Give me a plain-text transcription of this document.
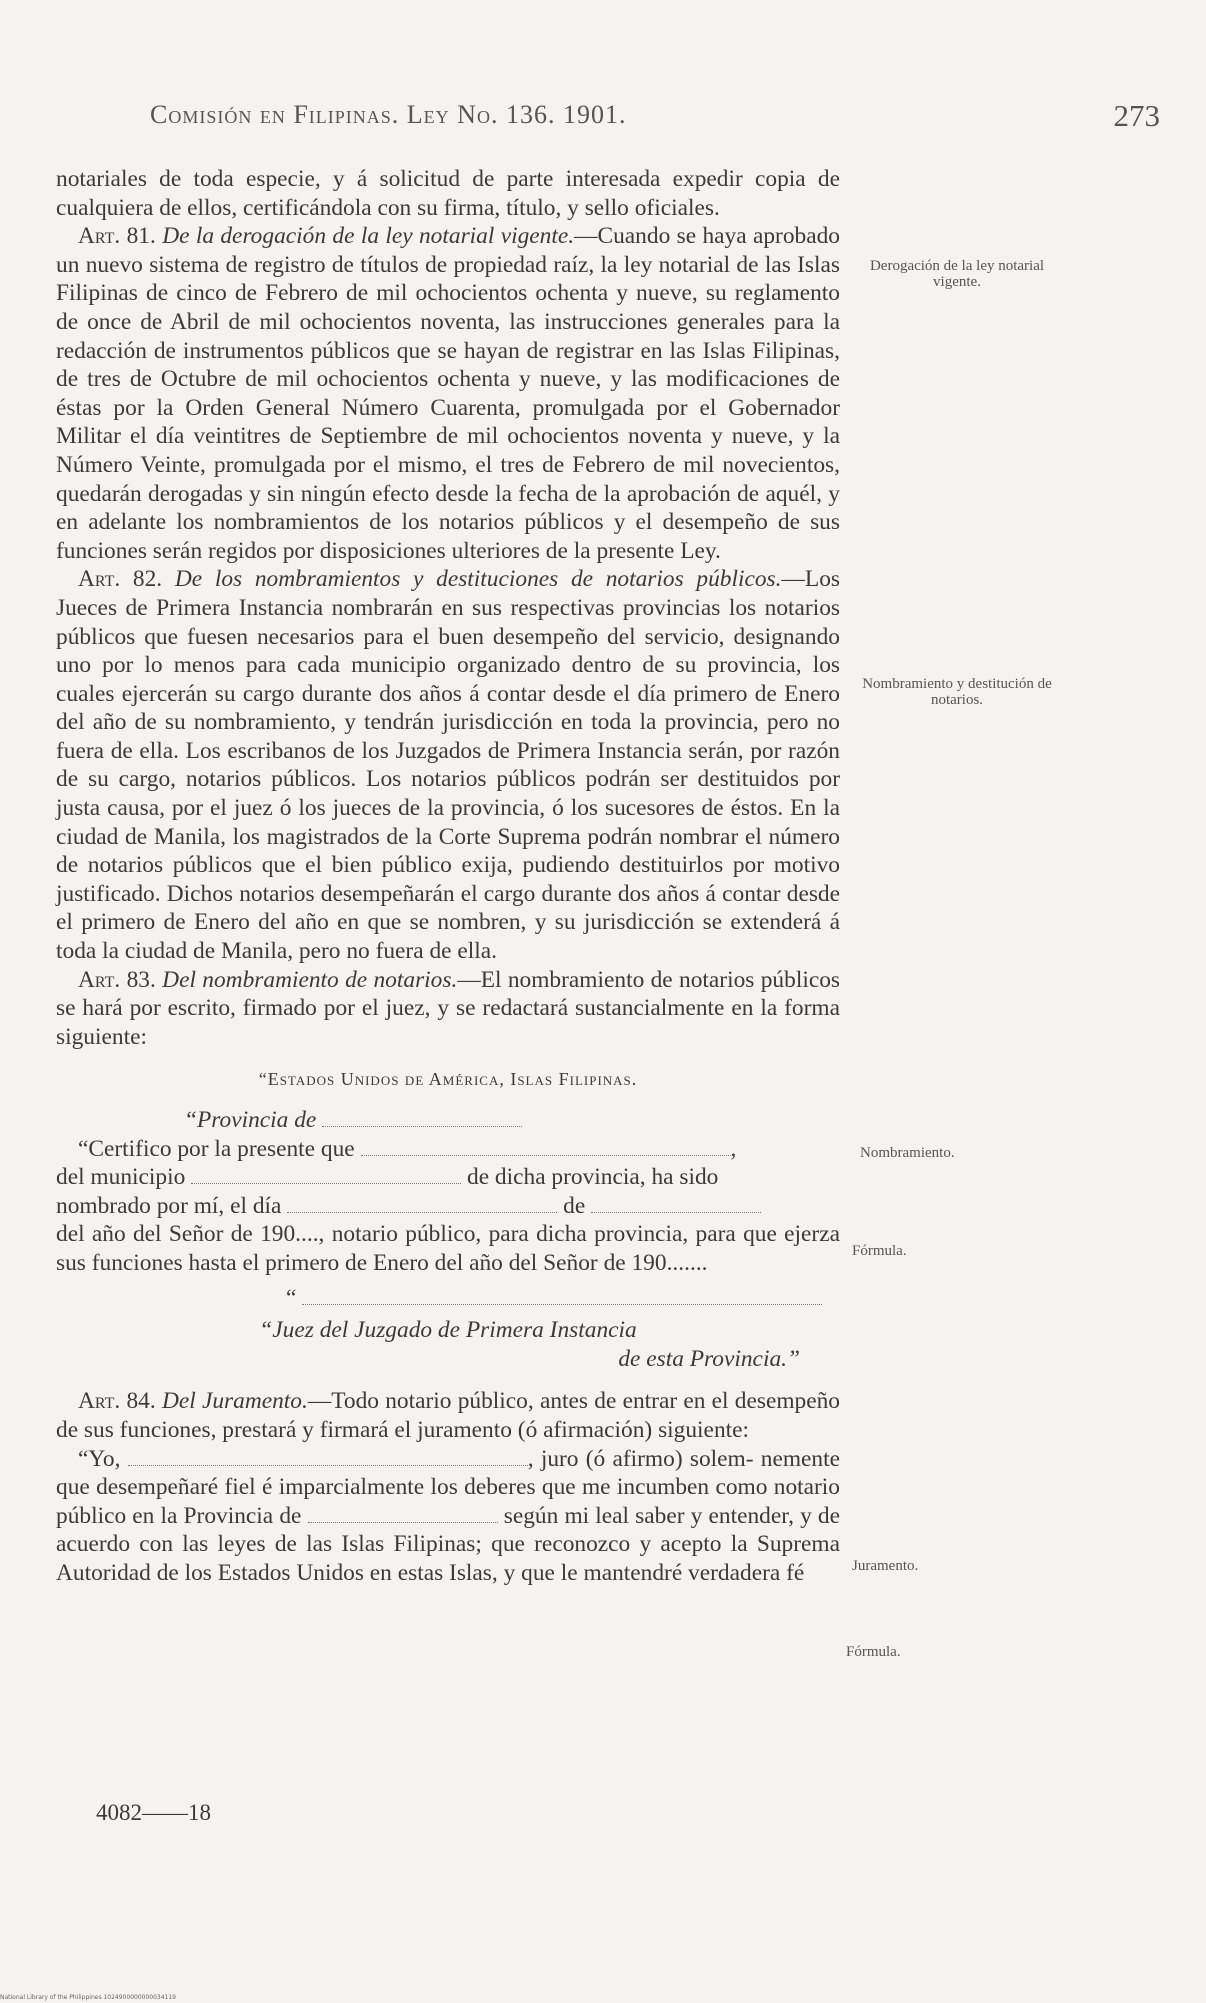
Comisión en Filipinas. Ley No. 136. 1901.	273

notariales de toda especie, y á solicitud de parte interesada expedir copia de cualquiera de ellos, certificándola con su firma, título, y sello oficiales.

Art. 81. De la derogación de la ley notarial vigente.—Cuando se haya aprobado un nuevo sistema de registro de títulos de propiedad raíz, la ley notarial de las Islas Filipinas de cinco de Febrero de mil ochocientos ochenta y nueve, su reglamento de once de Abril de mil ochocientos noventa, las instrucciones generales para la redacción de instrumentos públicos que se hayan de registrar en las Islas Filipinas, de tres de Octubre de mil ochocientos ochenta y nueve, y las modificaciones de éstas por la Orden General Número Cuarenta, promulgada por el Gobernador Militar el día veintitres de Septiembre de mil ochocientos noventa y nueve, y la Número Veinte, promulgada por el mismo, el tres de Febrero de mil novecientos, quedarán derogadas y sin ningún efecto desde la fecha de la aprobación de aquél, y en adelante los nombramientos de los notarios públicos y el desempeño de sus funciones serán regidos por disposiciones ulteriores de la presente Ley.

Art. 82. De los nombramientos y destituciones de notarios públicos.—Los Jueces de Primera Instancia nombrarán en sus respectivas provincias los notarios públicos que fuesen necesarios para el buen desempeño del servicio, designando uno por lo menos para cada municipio organizado dentro de su provincia, los cuales ejercerán su cargo durante dos años á contar desde el día primero de Enero del año de su nombramiento, y tendrán jurisdicción en toda la provincia, pero no fuera de ella. Los escribanos de los Juzgados de Primera Instancia serán, por razón de su cargo, notarios públicos. Los notarios públicos podrán ser destituidos por justa causa, por el juez ó los jueces de la provincia, ó los sucesores de éstos. En la ciudad de Manila, los magistrados de la Corte Suprema podrán nombrar el número de notarios públicos que el bien público exija, pudiendo destituirlos por motivo justificado. Dichos notarios desempeñarán el cargo durante dos años á contar desde el primero de Enero del año en que se nombren, y su jurisdicción se extenderá á toda la ciudad de Manila, pero no fuera de ella.

Art. 83. Del nombramiento de notarios.—El nombramiento de notarios públicos se hará por escrito, firmado por el juez, y se redactará sustancialmente en la forma siguiente:

“Estados Unidos de América, Islas Filipinas.
“Provincia de

“Certifico por la presente que	,

del municipio	de dicha provincia, ha sido

nombrado por mí, el día	de

del año del Señor de 190...., notario público, para dicha provincia, para que ejerza sus funciones hasta el primero de Enero del año del Señor de 190.......

“
“Juez del Juzgado de Primera Instancia
de esta Provincia.”

Art. 84. Del Juramento.—Todo notario público, antes de entrar en el desempeño de sus funciones, prestará y firmará el juramento (ó afirmación) siguiente:

“Yo,	, juro (ó afirmo) solem- nemente que desempeñaré fiel é imparcialmente los deberes que me incumben como notario público en la Provincia de	según mi leal saber y entender, y de acuerdo con las leyes de las Islas Filipinas; que reconozco y acepto la Suprema Autoridad de los Estados Unidos en estas Islas, y que le mantendré verdadera fé

Derogación de la ley notarial vigente.
Nombramiento y destitución de notarios.
Nombramiento.
Fórmula.
Juramento.
Fórmula.
4082——18
National Library of the Philippines 1024900000000034119
